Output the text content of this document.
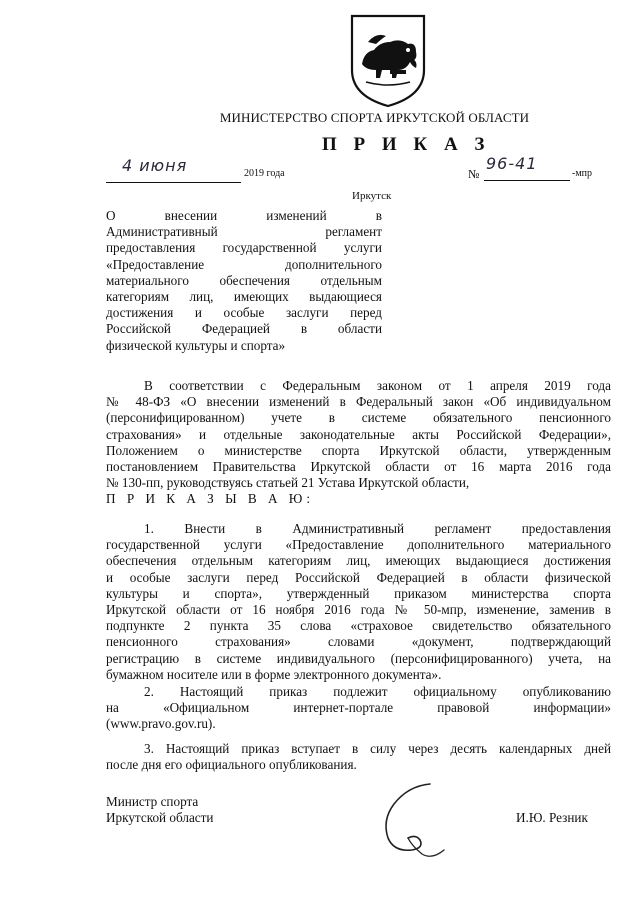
МИНИСТЕРСТВО СПОРТА ИРКУТСКОЙ ОБЛАСТИ
П Р И К А З
4 июня	2019 года	№
96-41
-мпр
Иркутск
О внесении изменений в
Административный регламент
предоставления государственной услуги
«Предоставление дополнительного
материального обеспечения отдельным
категориям лиц, имеющих выдающиеся
достижения и особые заслуги перед
Российской Федерацией в области
физической культуры и спорта»
В соответствии с Федеральным законом от 1 апреля 2019 года
№ 48-ФЗ «О внесении изменений в Федеральный закон «Об индивидуальном
(персонифицированном) учете в системе обязательного пенсионного
страхования» и отдельные законодательные акты Российской Федерации»,
Положением о министерстве спорта Иркутской области, утвержденным
постановлением Правительства Иркутской области от 16 марта 2016 года
№ 130-пп, руководствуясь статьей 21 Устава Иркутской области,
П Р И К А З Ы В А Ю:
1. Внести в Административный регламент предоставления
государственной услуги «Предоставление дополнительного материального
обеспечения отдельным категориям лиц, имеющих выдающиеся достижения
и особые заслуги перед Российской Федерацией в области физической
культуры и спорта», утвержденный приказом министерства спорта
Иркутской области от 16 ноября 2016 года № 50-мпр, изменение, заменив в
подпункте 2 пункта 35 слова «страховое свидетельство обязательного
пенсионного страхования» словами «документ, подтверждающий
регистрацию в системе индивидуального (персонифицированного) учета, на
бумажном носителе или в форме электронного документа».
2. Настоящий приказ подлежит официальному опубликованию
на «Официальном интернет-портале правовой информации»
(www.pravo.gov.ru).
3. Настоящий приказ вступает в силу через десять календарных дней
после дня его официального опубликования.
Министр спорта
Иркутской области	И.Ю. Резник
